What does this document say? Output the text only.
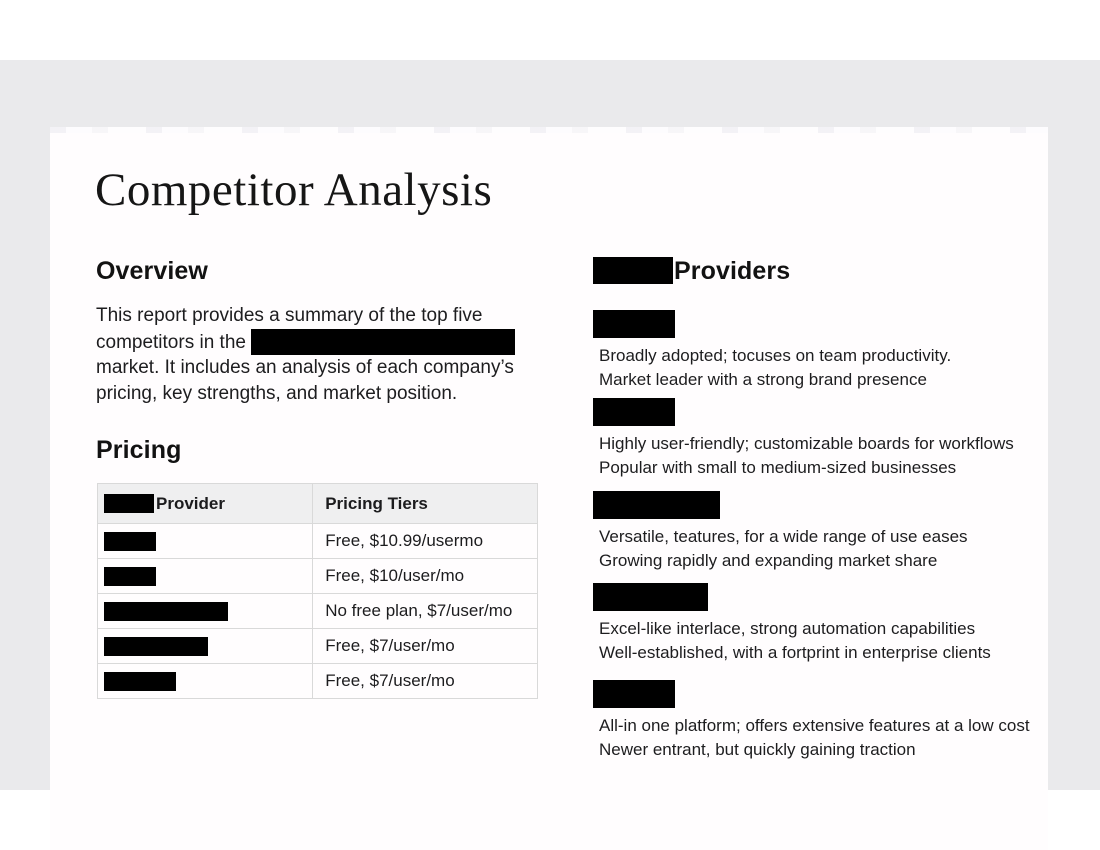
Competitor Analysis
Overview
This report provides a summary of the top five
competitors in the
market. It includes an analysis of each company’s
pricing, key strengths, and market position.
Pricing
Provider	Pricing Tiers
	Free, $10.99/usermo
	Free, $10/user/mo
	No free plan, $7/user/mo
	Free, $7/user/mo
	Free, $7/user/mo
Providers
Broadly adopted; tocuses on team productivity.
Market leader with a strong brand presence
Highly user-friendly; customizable boards for workflows
Popular with small to medium-sized businesses
Versatile, teatures, for a wide range of use eases
Growing rapidly and expanding market share
Excel-like interlace, strong automation capabilities
Well-established, with a fortprint in enterprise clients
All-in one platform; offers extensive features at a low cost
Newer entrant, but quickly gaining traction
